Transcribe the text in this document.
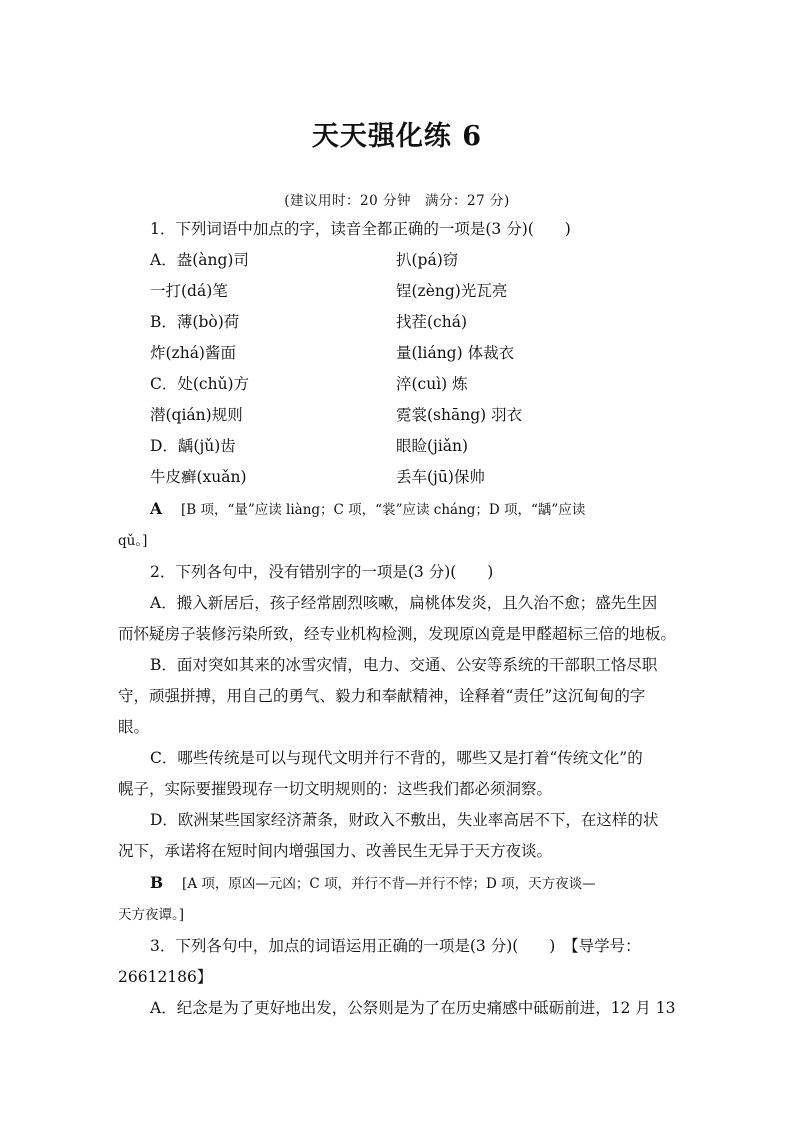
天天强化练 6
(建议用时：20 分钟　满分：27 分)
1．下列词语中加点的字，读音全都正确的一项是(3 分)(　　)
A．盎(àng)司	扒(pá)窃
一打(dá)笔	锃(zèng)光瓦亮
B．薄(bò)荷	找茬(chá)
炸(zhá)酱面	量(liáng) 体裁衣
C．处(chǔ)方	淬(cuì) 炼
潜(qián)规则	霓裳(shāng) 羽衣
D．龋(jǔ)齿	眼睑(jiǎn)
牛皮癣(xuǎn)	丢车(jū)保帅
A [B 项，“量”应读 liàng；C 项，“裳”应读 cháng；D 项，“龋”应读
qǔ。]
2．下列各句中，没有错别字的一项是(3 分)(　　)
A．搬入新居后，孩子经常剧烈咳嗽，扁桃体发炎，且久治不愈；盛先生因
而怀疑房子装修污染所致，经专业机构检测，发现原凶竟是甲醛超标三倍的地板。
B．面对突如其来的冰雪灾情，电力、交通、公安等系统的干部职工恪尽职
守，顽强拼搏，用自己的勇气、毅力和奉献精神，诠释着“责任”这沉甸甸的字
眼。
C．哪些传统是可以与现代文明并行不背的，哪些又是打着“传统文化”的
幌子，实际要摧毁现存一切文明规则的：这些我们都必须洞察。
D．欧洲某些国家经济萧条，财政入不敷出，失业率高居不下，在这样的状
况下，承诺将在短时间内增强国力、改善民生无异于天方夜谈。
B [A 项，原凶—元凶；C 项，并行不背—并行不悖；D 项，天方夜谈—
天方夜谭。]
3．下列各句中，加点的词语运用正确的一项是(3 分)(　　)　【导学号：
26612186】
A．纪念是为了更好地出发，公祭则是为了在历史痛感中砥砺前进，12 月 13
